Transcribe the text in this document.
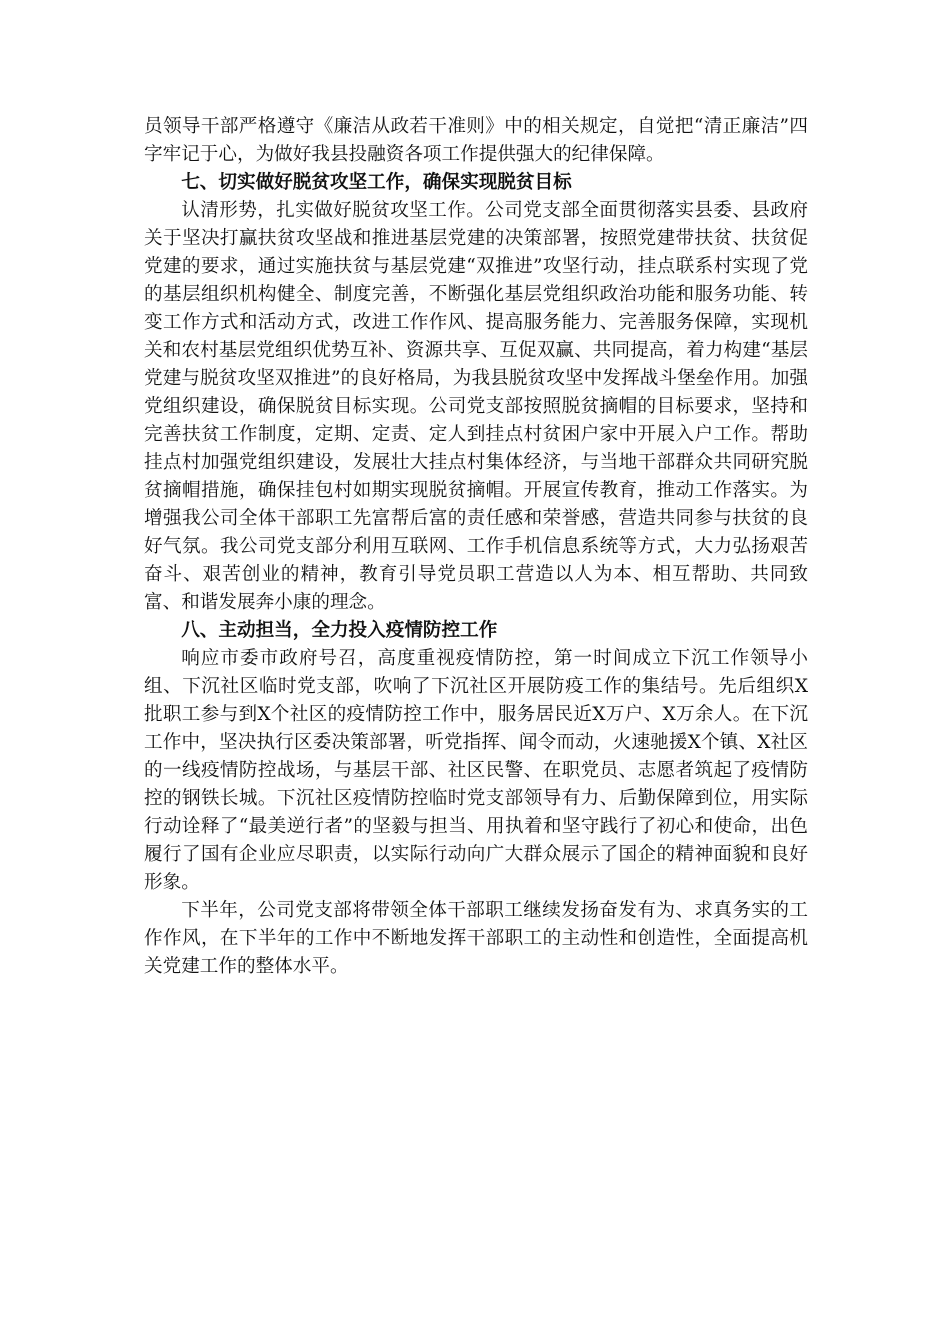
员领导干部严格遵守《廉洁从政若干准则》中的相关规定，自觉把“清正廉洁”四字牢记于心，为做好我县投融资各项工作提供强大的纪律保障。

七、切实做好脱贫攻坚工作，确保实现脱贫目标

认清形势，扎实做好脱贫攻坚工作。公司党支部全面贯彻落实县委、县政府关于坚决打赢扶贫攻坚战和推进基层党建的决策部署，按照党建带扶贫、扶贫促党建的要求，通过实施扶贫与基层党建“双推进”攻坚行动，挂点联系村实现了党的基层组织机构健全、制度完善，不断强化基层党组织政治功能和服务功能、转变工作方式和活动方式，改进工作作风、提高服务能力、完善服务保障，实现机关和农村基层党组织优势互补、资源共享、互促双赢、共同提高，着力构建“基层党建与脱贫攻坚双推进”的良好格局，为我县脱贫攻坚中发挥战斗堡垒作用。加强党组织建设，确保脱贫目标实现。公司党支部按照脱贫摘帽的目标要求，坚持和完善扶贫工作制度，定期、定责、定人到挂点村贫困户家中开展入户工作。帮助挂点村加强党组织建设，发展壮大挂点村集体经济，与当地干部群众共同研究脱贫摘帽措施，确保挂包村如期实现脱贫摘帽。开展宣传教育，推动工作落实。为增强我公司全体干部职工先富帮后富的责任感和荣誉感，营造共同参与扶贫的良好气氛。我公司党支部分利用互联网、工作手机信息系统等方式，大力弘扬艰苦奋斗、艰苦创业的精神，教育引导党员职工营造以人为本、相互帮助、共同致富、和谐发展奔小康的理念。

八、主动担当，全力投入疫情防控工作

响应市委市政府号召，高度重视疫情防控，第一时间成立下沉工作领导小组、下沉社区临时党支部，吹响了下沉社区开展防疫工作的集结号。先后组织X批职工参与到X个社区的疫情防控工作中，服务居民近X万户、X万余人。在下沉工作中，坚决执行区委决策部署，听党指挥、闻令而动，火速驰援X个镇、X社区的一线疫情防控战场，与基层干部、社区民警、在职党员、志愿者筑起了疫情防控的钢铁长城。下沉社区疫情防控临时党支部领导有力、后勤保障到位，用实际行动诠释了“最美逆行者”的坚毅与担当、用执着和坚守践行了初心和使命，出色履行了国有企业应尽职责，以实际行动向广大群众展示了国企的精神面貌和良好形象。

下半年，公司党支部将带领全体干部职工继续发扬奋发有为、求真务实的工作作风，在下半年的工作中不断地发挥干部职工的主动性和创造性，全面提高机关党建工作的整体水平。
